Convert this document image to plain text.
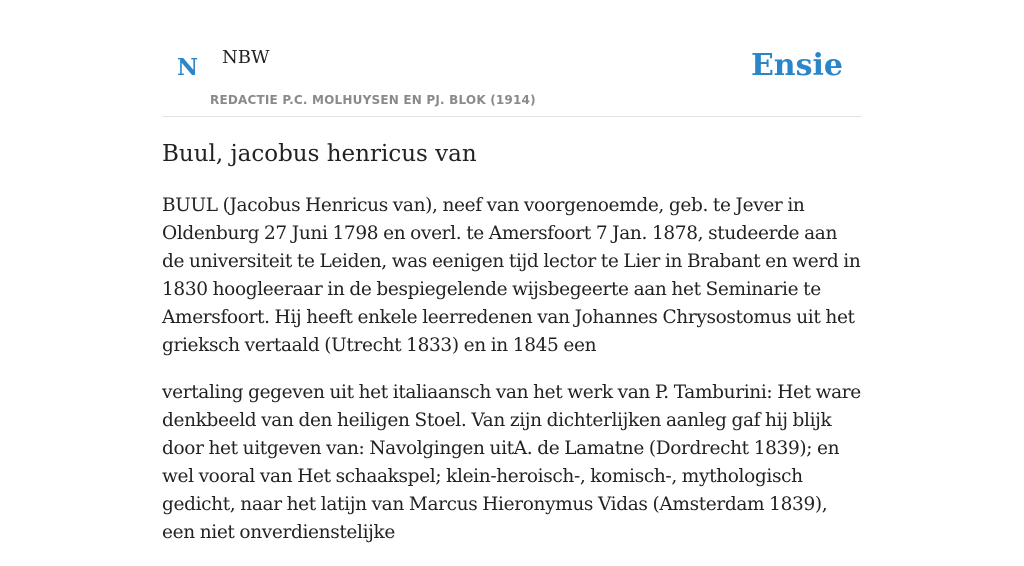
N NBW
REDACTIE P.C. MOLHUYSEN EN PJ. BLOK (1914)
Ensie
Buul, jacobus henricus van

BUUL (Jacobus Henricus van), neef van voorgenoemde, geb. te Jever in Oldenburg 27 Juni 1798 en overl. te Amersfoort 7 Jan. 1878, studeerde aan de universiteit te Leiden, was eenigen tijd lector te Lier in Brabant en werd in 1830 hoogleeraar in de bespiegelende wijsbegeerte aan het Seminarie te Amersfoort. Hij heeft enkele leerredenen van Johannes Chrysostomus uit het grieksch vertaald (Utrecht 1833) en in 1845 een

vertaling gegeven uit het italiaansch van het werk van P. Tamburini: Het ware denkbeeld van den heiligen Stoel. Van zijn dichterlijken aanleg gaf hij blijk door het uitgeven van: Navolgingen uitA. de Lamatne (Dordrecht 1839); en wel vooral van Het schaakspel; klein-heroisch-, komisch-, mythologisch gedicht, naar het latijn van Marcus Hieronymus Vidas (Amsterdam 1839), een niet onverdienstelijke
